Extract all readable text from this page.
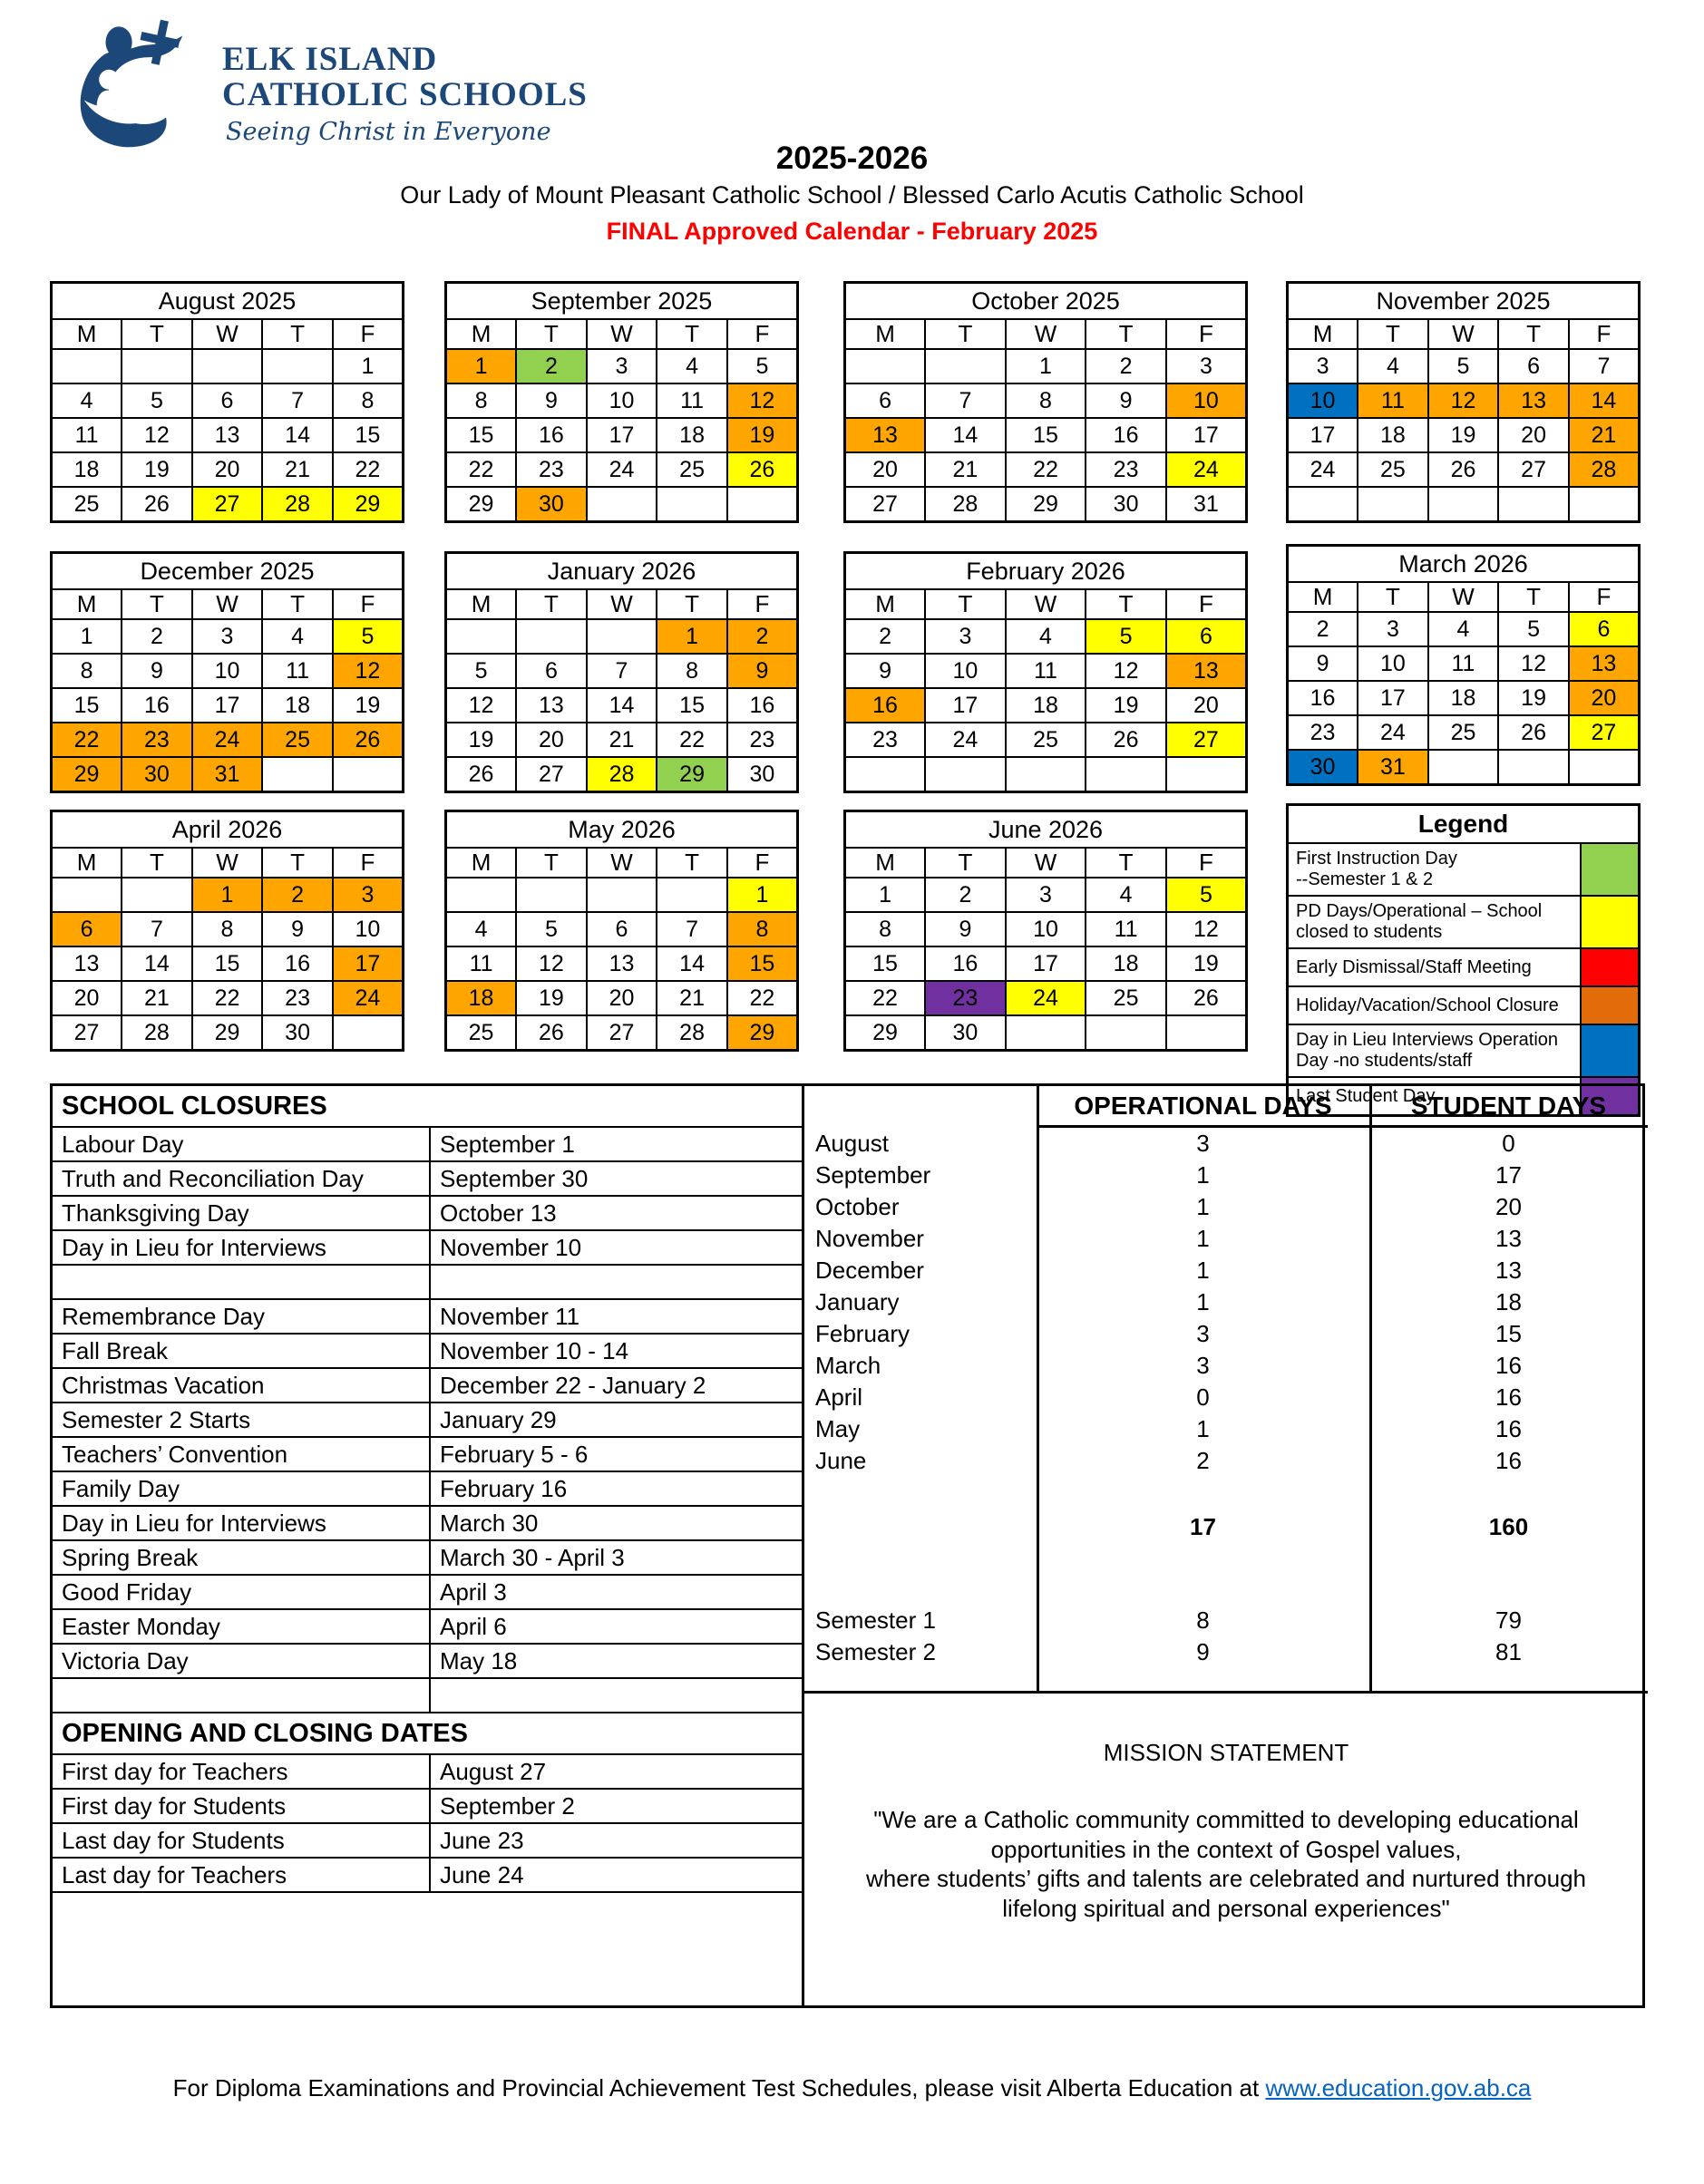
ELK ISLAND
CATHOLIC SCHOOLS
Seeing Christ in Everyone
2025-2026
Our Lady of Mount Pleasant Catholic School / Blessed Carlo Acutis Catholic School
FINAL Approved Calendar - February 2025
August 2025				
M	T	W	T	F
				1
4	5	6	7	8
11	12	13	14	15
18	19	20	21	22
25	26	27	28	29
September 2025				
M	T	W	T	F
1	2	3	4	5
8	9	10	11	12
15	16	17	18	19
22	23	24	25	26
29	30			
October 2025				
M	T	W	T	F
		1	2	3
6	7	8	9	10
13	14	15	16	17
20	21	22	23	24
27	28	29	30	31
November 2025				
M	T	W	T	F
3	4	5	6	7
10	11	12	13	14
17	18	19	20	21
24	25	26	27	28

December 2025				
M	T	W	T	F
1	2	3	4	5
8	9	10	11	12
15	16	17	18	19
22	23	24	25	26
29	30	31		
January 2026				
M	T	W	T	F
			1	2
5	6	7	8	9
12	13	14	15	16
19	20	21	22	23
26	27	28	29	30
February 2026				
M	T	W	T	F
2	3	4	5	6
9	10	11	12	13
16	17	18	19	20
23	24	25	26	27

March 2026				
M	T	W	T	F
2	3	4	5	6
9	10	11	12	13
16	17	18	19	20
23	24	25	26	27
30	31			
April 2026				
M	T	W	T	F
		1	2	3
6	7	8	9	10
13	14	15	16	17
20	21	22	23	24
27	28	29	30	
May 2026				
M	T	W	T	F
				1
4	5	6	7	8
11	12	13	14	15
18	19	20	21	22
25	26	27	28	29
June 2026				
M	T	W	T	F
1	2	3	4	5
8	9	10	11	12
15	16	17	18	19
22	23	24	25	26
29	30			
Legend
First Instruction Day
--Semester 1 & 2
PD Days/Operational – School
closed to students
Early Dismissal/Staff Meeting
Holiday/Vacation/School Closure
Day in Lieu Interviews Operation
Day -no students/staff
Last Student Day
SCHOOL CLOSURES	
Labour Day	September 1
Truth and Reconciliation Day	September 30
Thanksgiving Day	October 13
Day in Lieu for Interviews	November 10

Remembrance Day	November 11
Fall Break	November 10 - 14
Christmas Vacation	December 22 - January 2
Semester 2 Starts	January 29
Teachers’ Convention	February 5 - 6
Family Day	February 16
Day in Lieu for Interviews	March 30
Spring Break	March 30 - April 3
Good Friday	April 3
Easter Monday	April 6
Victoria Day	May 18

OPENING AND CLOSING DATES	
First day for Teachers	August 27
First day for Students	September 2
Last day for Students	June 23
Last day for Teachers	June 24
OPERATIONAL DAYS	STUDENT DAYS
August	3	0
September	1	17
October	1	20
November	1	13
December	1	13
January	1	18
February	3	15
March	3	16
April	0	16
May	1	16
June	2	16
17	160
Semester 1	8	79
Semester 2	9	81
MISSION STATEMENT
"We are a Catholic community committed to developing educational
opportunities in the context of Gospel values,
where students’ gifts and talents are celebrated and nurtured through
lifelong spiritual and personal experiences"
For Diploma Examinations and Provincial Achievement Test Schedules, please visit Alberta Education at www.education.gov.ab.ca
